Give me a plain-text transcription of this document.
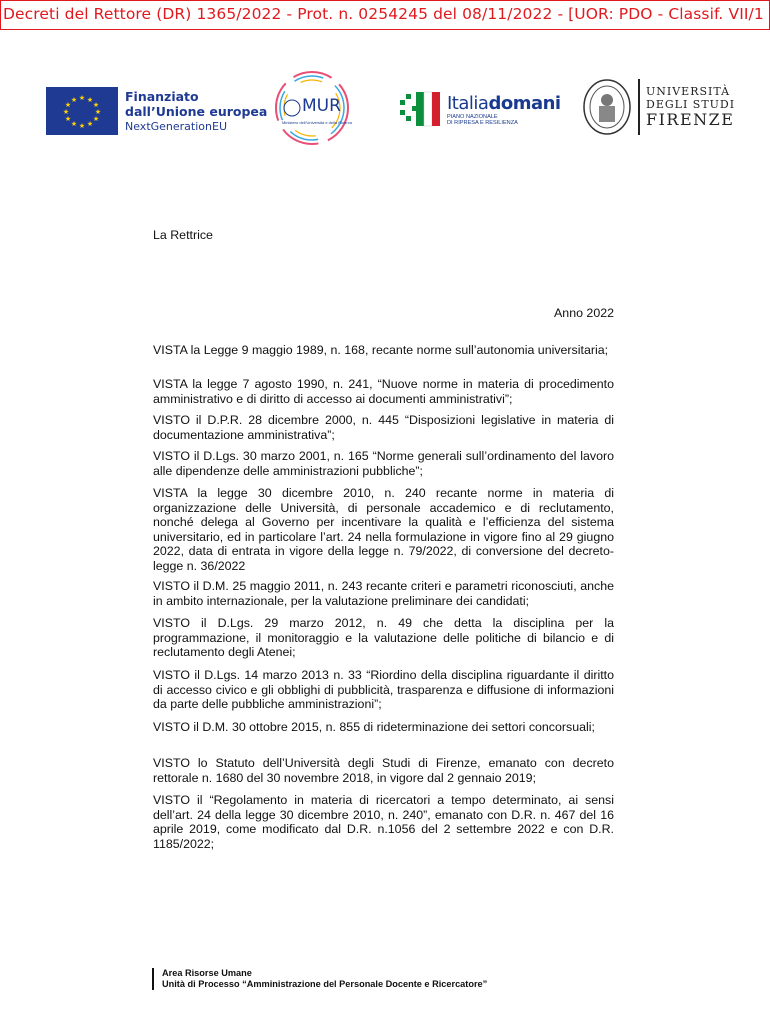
Decreti del Rettore (DR) 1365/2022 - Prot. n. 0254245 del 08/11/2022 - [UOR: PDO - Classif. VII/1
★ ★
★
★
★
★
★
★
★
★
★
★	Finanziato
dall’Unione europea
NextGenerationEU
MUR
Ministero dell’Università e della Ricerca
Italiadomani
PIANO NAZIONALE
DI RIPRESA E RESILIENZA
UNIVERSITÀ
DEGLI STUDI
FIRENZE
La Rettrice
Anno 2022
VISTA la Legge 9 maggio 1989, n. 168, recante norme sull’autonomia universitaria;
VISTA la legge 7 agosto 1990, n. 241, “Nuove norme in materia di procedimento amministrativo e di diritto di accesso ai documenti amministrativi”;
VISTO il D.P.R. 28 dicembre 2000, n. 445 “Disposizioni legislative in materia di documentazione amministrativa”;
VISTO il D.Lgs. 30 marzo 2001, n. 165 “Norme generali sull’ordinamento del lavoro alle dipendenze delle amministrazioni pubbliche”;
VISTA la legge 30 dicembre 2010, n. 240 recante norme in materia di organizzazione delle Università, di personale accademico e di reclutamento, nonché delega al Governo per incentivare la qualità e l’efficienza del sistema universitario, ed in particolare l’art. 24 nella formulazione in vigore fino al 29 giugno 2022, data di entrata in vigore della legge n. 79/2022, di conversione del decreto-legge n. 36/2022
VISTO il D.M. 25 maggio 2011, n. 243 recante criteri e parametri riconosciuti, anche in ambito internazionale, per la valutazione preliminare dei candidati;
VISTO il D.Lgs. 29 marzo 2012, n. 49 che detta la disciplina per la programmazione, il monitoraggio e la valutazione delle politiche di bilancio e di reclutamento degli Atenei;
VISTO il D.Lgs. 14 marzo 2013 n. 33 “Riordino della disciplina riguardante il diritto di accesso civico e gli obblighi di pubblicità, trasparenza e diffusione di informazioni da parte delle pubbliche amministrazioni”;
VISTO il D.M. 30 ottobre 2015, n. 855 di rideterminazione dei settori concorsuali;
VISTO lo Statuto dell’Università degli Studi di Firenze, emanato con decreto rettorale n. 1680 del 30 novembre 2018, in vigore dal 2 gennaio 2019;
VISTO il “Regolamento in materia di ricercatori a tempo determinato, ai sensi dell’art. 24 della legge 30 dicembre 2010, n. 240”, emanato con D.R. n. 467 del 16 aprile 2019, come modificato dal D.R. n.1056 del 2 settembre 2022 e con D.R. 1185/2022;
Area Risorse Umane
Unità di Processo “Amministrazione del Personale Docente e Ricercatore”
